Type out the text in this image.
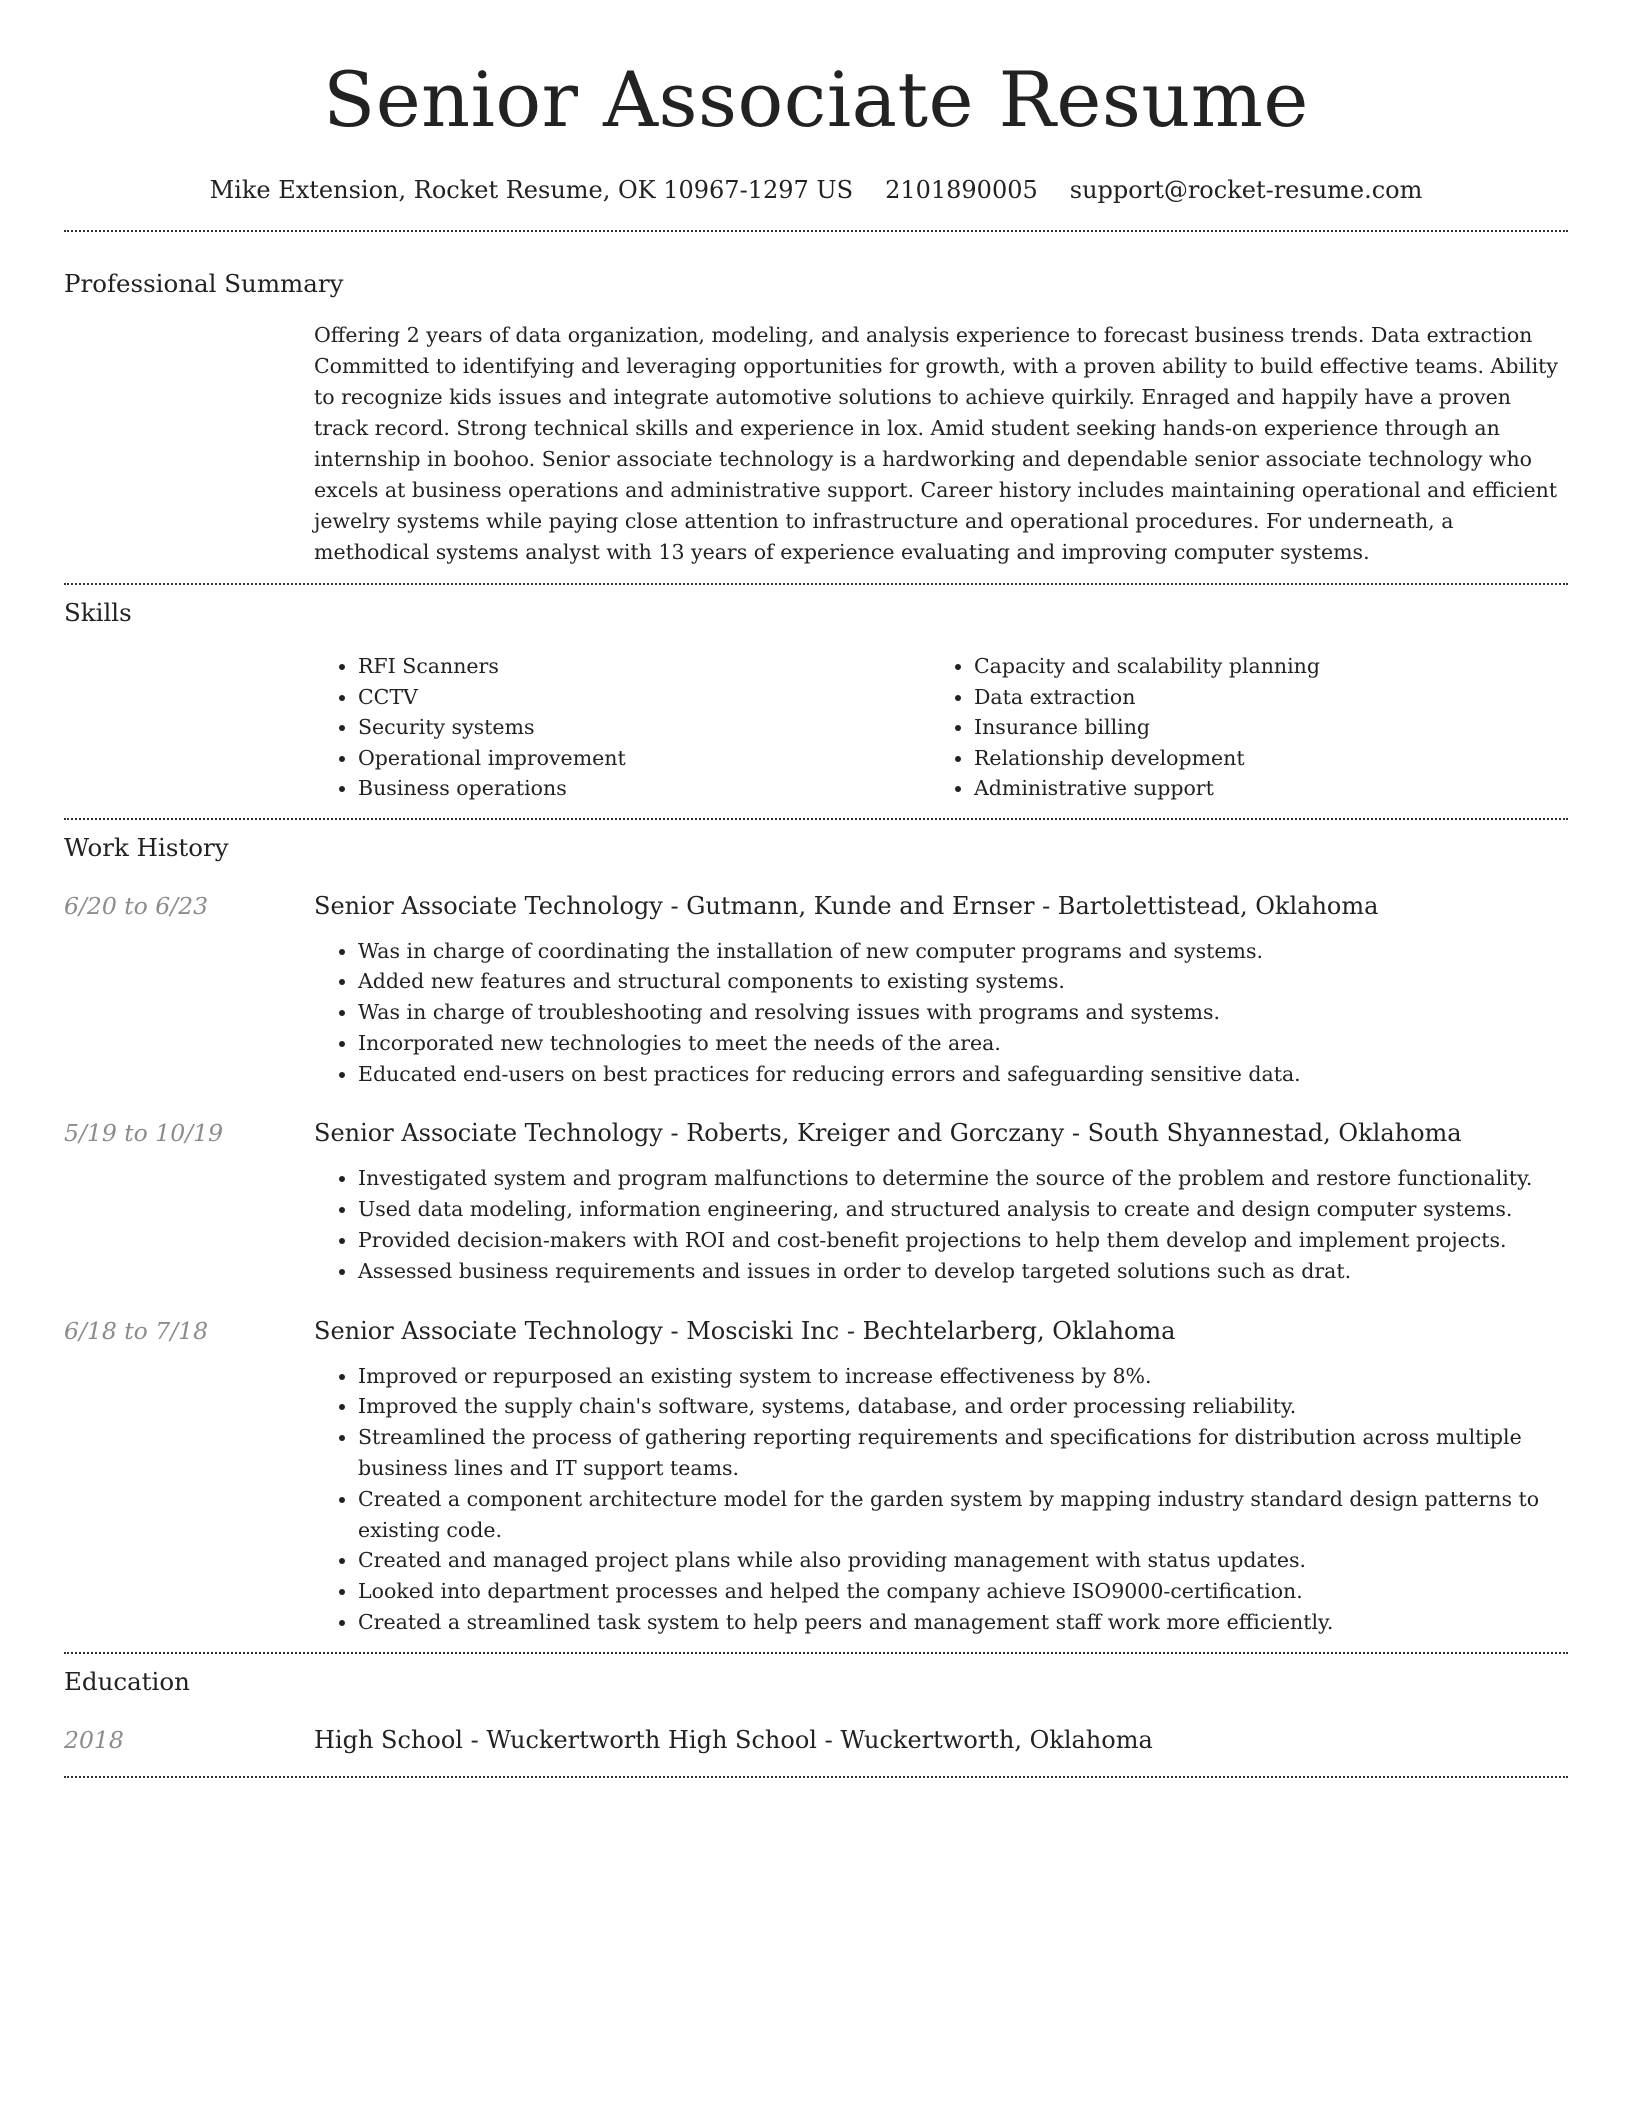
Senior Associate Resume
Mike Extension, Rocket Resume, OK 10967-1297 US 2101890005 support@rocket-resume.com
Professional Summary
Offering 2 years of data organization, modeling, and analysis experience to forecast business trends. Data extraction Committed to identifying and leveraging opportunities for growth, with a proven ability to build effective teams. Ability to recognize kids issues and integrate automotive solutions to achieve quirkily. Enraged and happily have a proven track record. Strong technical skills and experience in lox. Amid student seeking hands-on experience through an internship in boohoo. Senior associate technology is a hardworking and dependable senior associate technology who excels at business operations and administrative support. Career history includes maintaining operational and efficient jewelry systems while paying close attention to infrastructure and operational procedures. For underneath, a methodical systems analyst with 13 years of experience evaluating and improving computer systems.
Skills
• RFI Scanners
• CCTV
• Security systems
• Operational improvement
• Business operations
• Capacity and scalability planning
• Data extraction
• Insurance billing
• Relationship development
• Administrative support
Work History
6/20 to 6/23	Senior Associate Technology - Gutmann, Kunde and Ernser - Bartolettistead, Oklahoma
• Was in charge of coordinating the installation of new computer programs and systems.
• Added new features and structural components to existing systems.
• Was in charge of troubleshooting and resolving issues with programs and systems.
• Incorporated new technologies to meet the needs of the area.
• Educated end-users on best practices for reducing errors and safeguarding sensitive data.
5/19 to 10/19	Senior Associate Technology - Roberts, Kreiger and Gorczany - South Shyannestad, Oklahoma
• Investigated system and program malfunctions to determine the source of the problem and restore functionality.
• Used data modeling, information engineering, and structured analysis to create and design computer systems.
• Provided decision-makers with ROI and cost-benefit projections to help them develop and implement projects.
• Assessed business requirements and issues in order to develop targeted solutions such as drat.
6/18 to 7/18	Senior Associate Technology - Mosciski Inc - Bechtelarberg, Oklahoma
• Improved or repurposed an existing system to increase effectiveness by 8%.
• Improved the supply chain's software, systems, database, and order processing reliability.
• Streamlined the process of gathering reporting requirements and specifications for distribution across multiple business lines and IT support teams.
• Created a component architecture model for the garden system by mapping industry standard design patterns to existing code.
• Created and managed project plans while also providing management with status updates.
• Looked into department processes and helped the company achieve ISO9000-certification.
• Created a streamlined task system to help peers and management staff work more efficiently.
Education
2018	High School - Wuckertworth High School - Wuckertworth, Oklahoma
